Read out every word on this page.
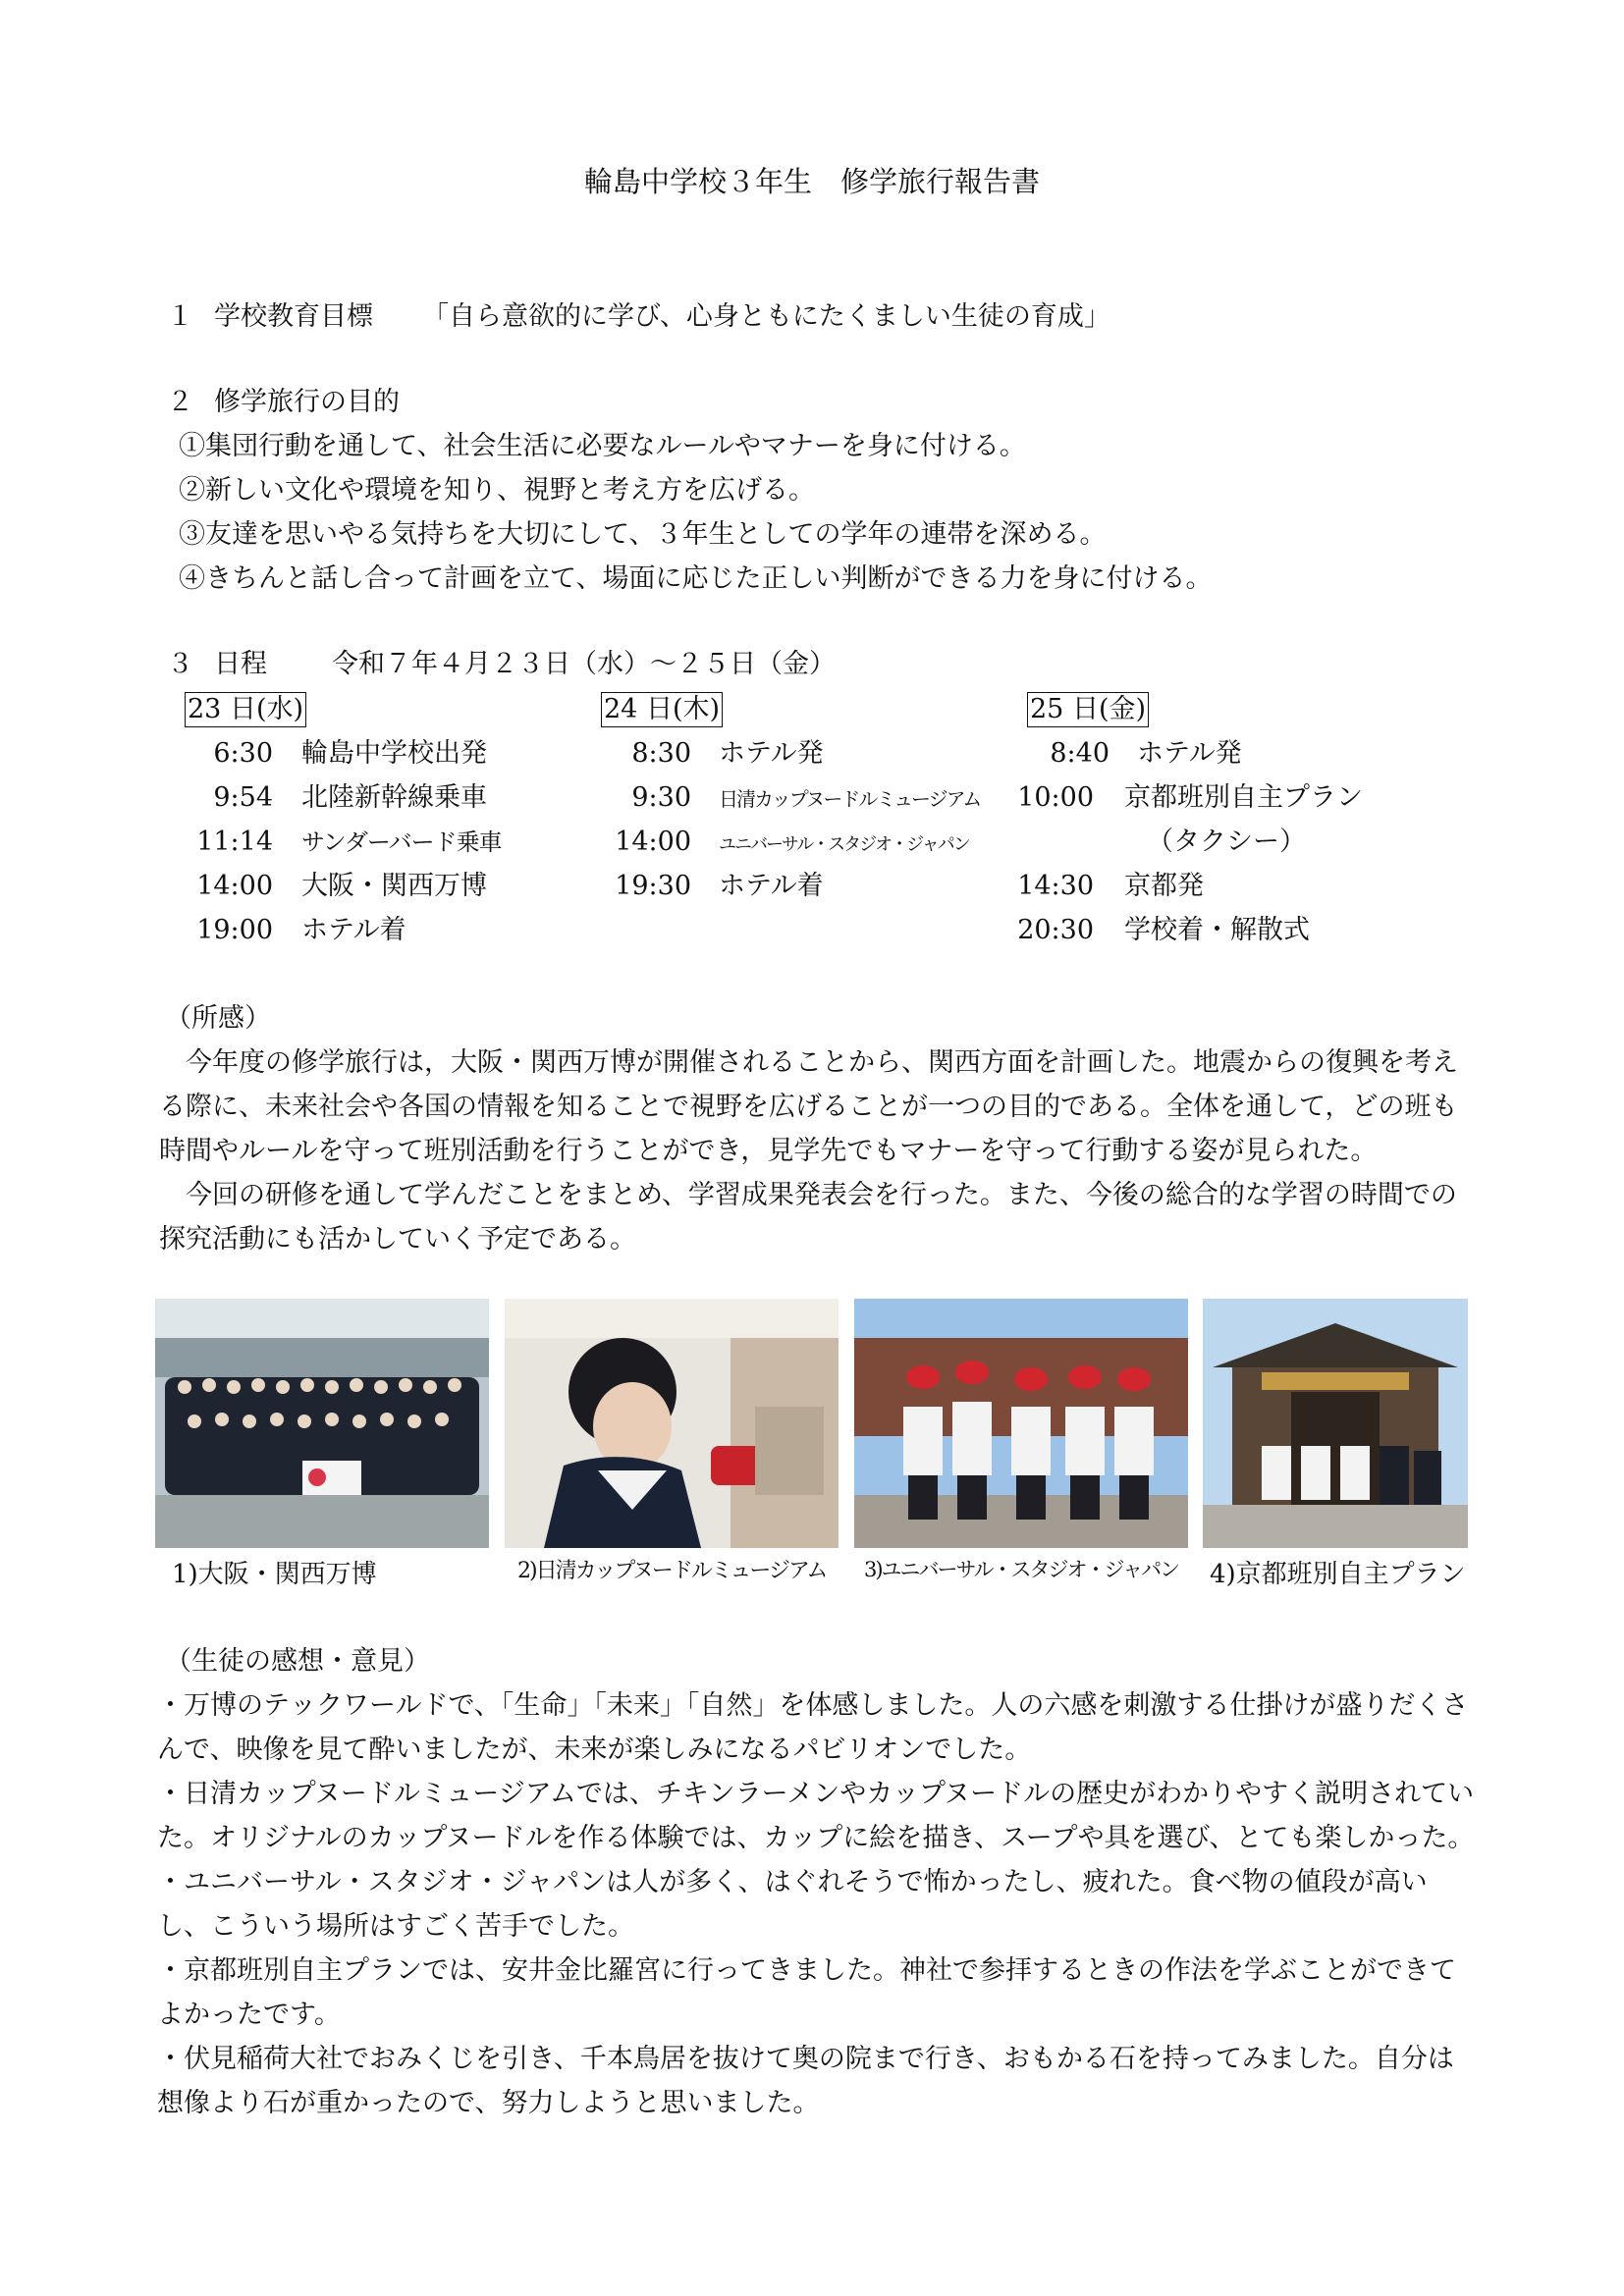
輪島中学校３年生　修学旅行報告書
１ 学校教育目標 「自ら意欲的に学び、心身ともにたくましい生徒の育成」
２ 修学旅行の目的
①集団行動を通して、社会生活に必要なルールやマナーを身に付ける。
②新しい文化や環境を知り、視野と考え方を広げる。
③友達を思いやる気持ちを大切にして、３年生としての学年の連帯を深める。
④きちんと話し合って計画を立て、場面に応じた正しい判断ができる力を身に付ける。
３ 日程 令和７年４月２３日（水）～２５日（金）
23 日(水)
6:30 輪島中学校出発
9:54 北陸新幹線乗車
11:14 サンダーバード乗車
14:00 大阪・関西万博
19:00 ホテル着
24 日(木)
8:30 ホテル発
9:30 日清カップヌードルミュージアム
14:00 ユニバーサル・スタジオ・ジャパン
19:30 ホテル着
25 日(金)
8:40 ホテル発
10:00 京都班別自主プラン
（タクシー）
14:30 京都発
20:30 学校着・解散式
（所感）

今年度の修学旅行は，大阪・関西万博が開催されることから、関西方面を計画した。地震からの復興を考える際に、未来社会や各国の情報を知ることで視野を広げることが一つの目的である。全体を通して，どの班も時間やルールを守って班別活動を行うことができ，見学先でもマナーを守って行動する姿が見られた。

今回の研修を通して学んだことをまとめ、学習成果発表会を行った。また、今後の総合的な学習の時間での探究活動にも活かしていく予定である。

1)大阪・関西万博	2)日清カップヌードルミュージアム 3)ユニバーサル・スタジオ・ジャパン 4)京都班別自主プラン
（生徒の感想・意見）
・万博のテックワールドで、「生命」「未来」「自然」を体感しました。人の六感を刺激する仕掛けが盛りだくさんで、映像を見て酔いましたが、未来が楽しみになるパビリオンでした。
・日清カップヌードルミュージアムでは、チキンラーメンやカップヌードルの歴史がわかりやすく説明されていた。オリジナルのカップヌードルを作る体験では、カップに絵を描き、スープや具を選び、とても楽しかった。
・ユニバーサル・スタジオ・ジャパンは人が多く、はぐれそうで怖かったし、疲れた。食べ物の値段が高いし、こういう場所はすごく苦手でした。
・京都班別自主プランでは、安井金比羅宮に行ってきました。神社で参拝するときの作法を学ぶことができてよかったです。
・伏見稲荷大社でおみくじを引き、千本鳥居を抜けて奥の院まで行き、おもかる石を持ってみました。自分は想像より石が重かったので、努力しようと思いました。
